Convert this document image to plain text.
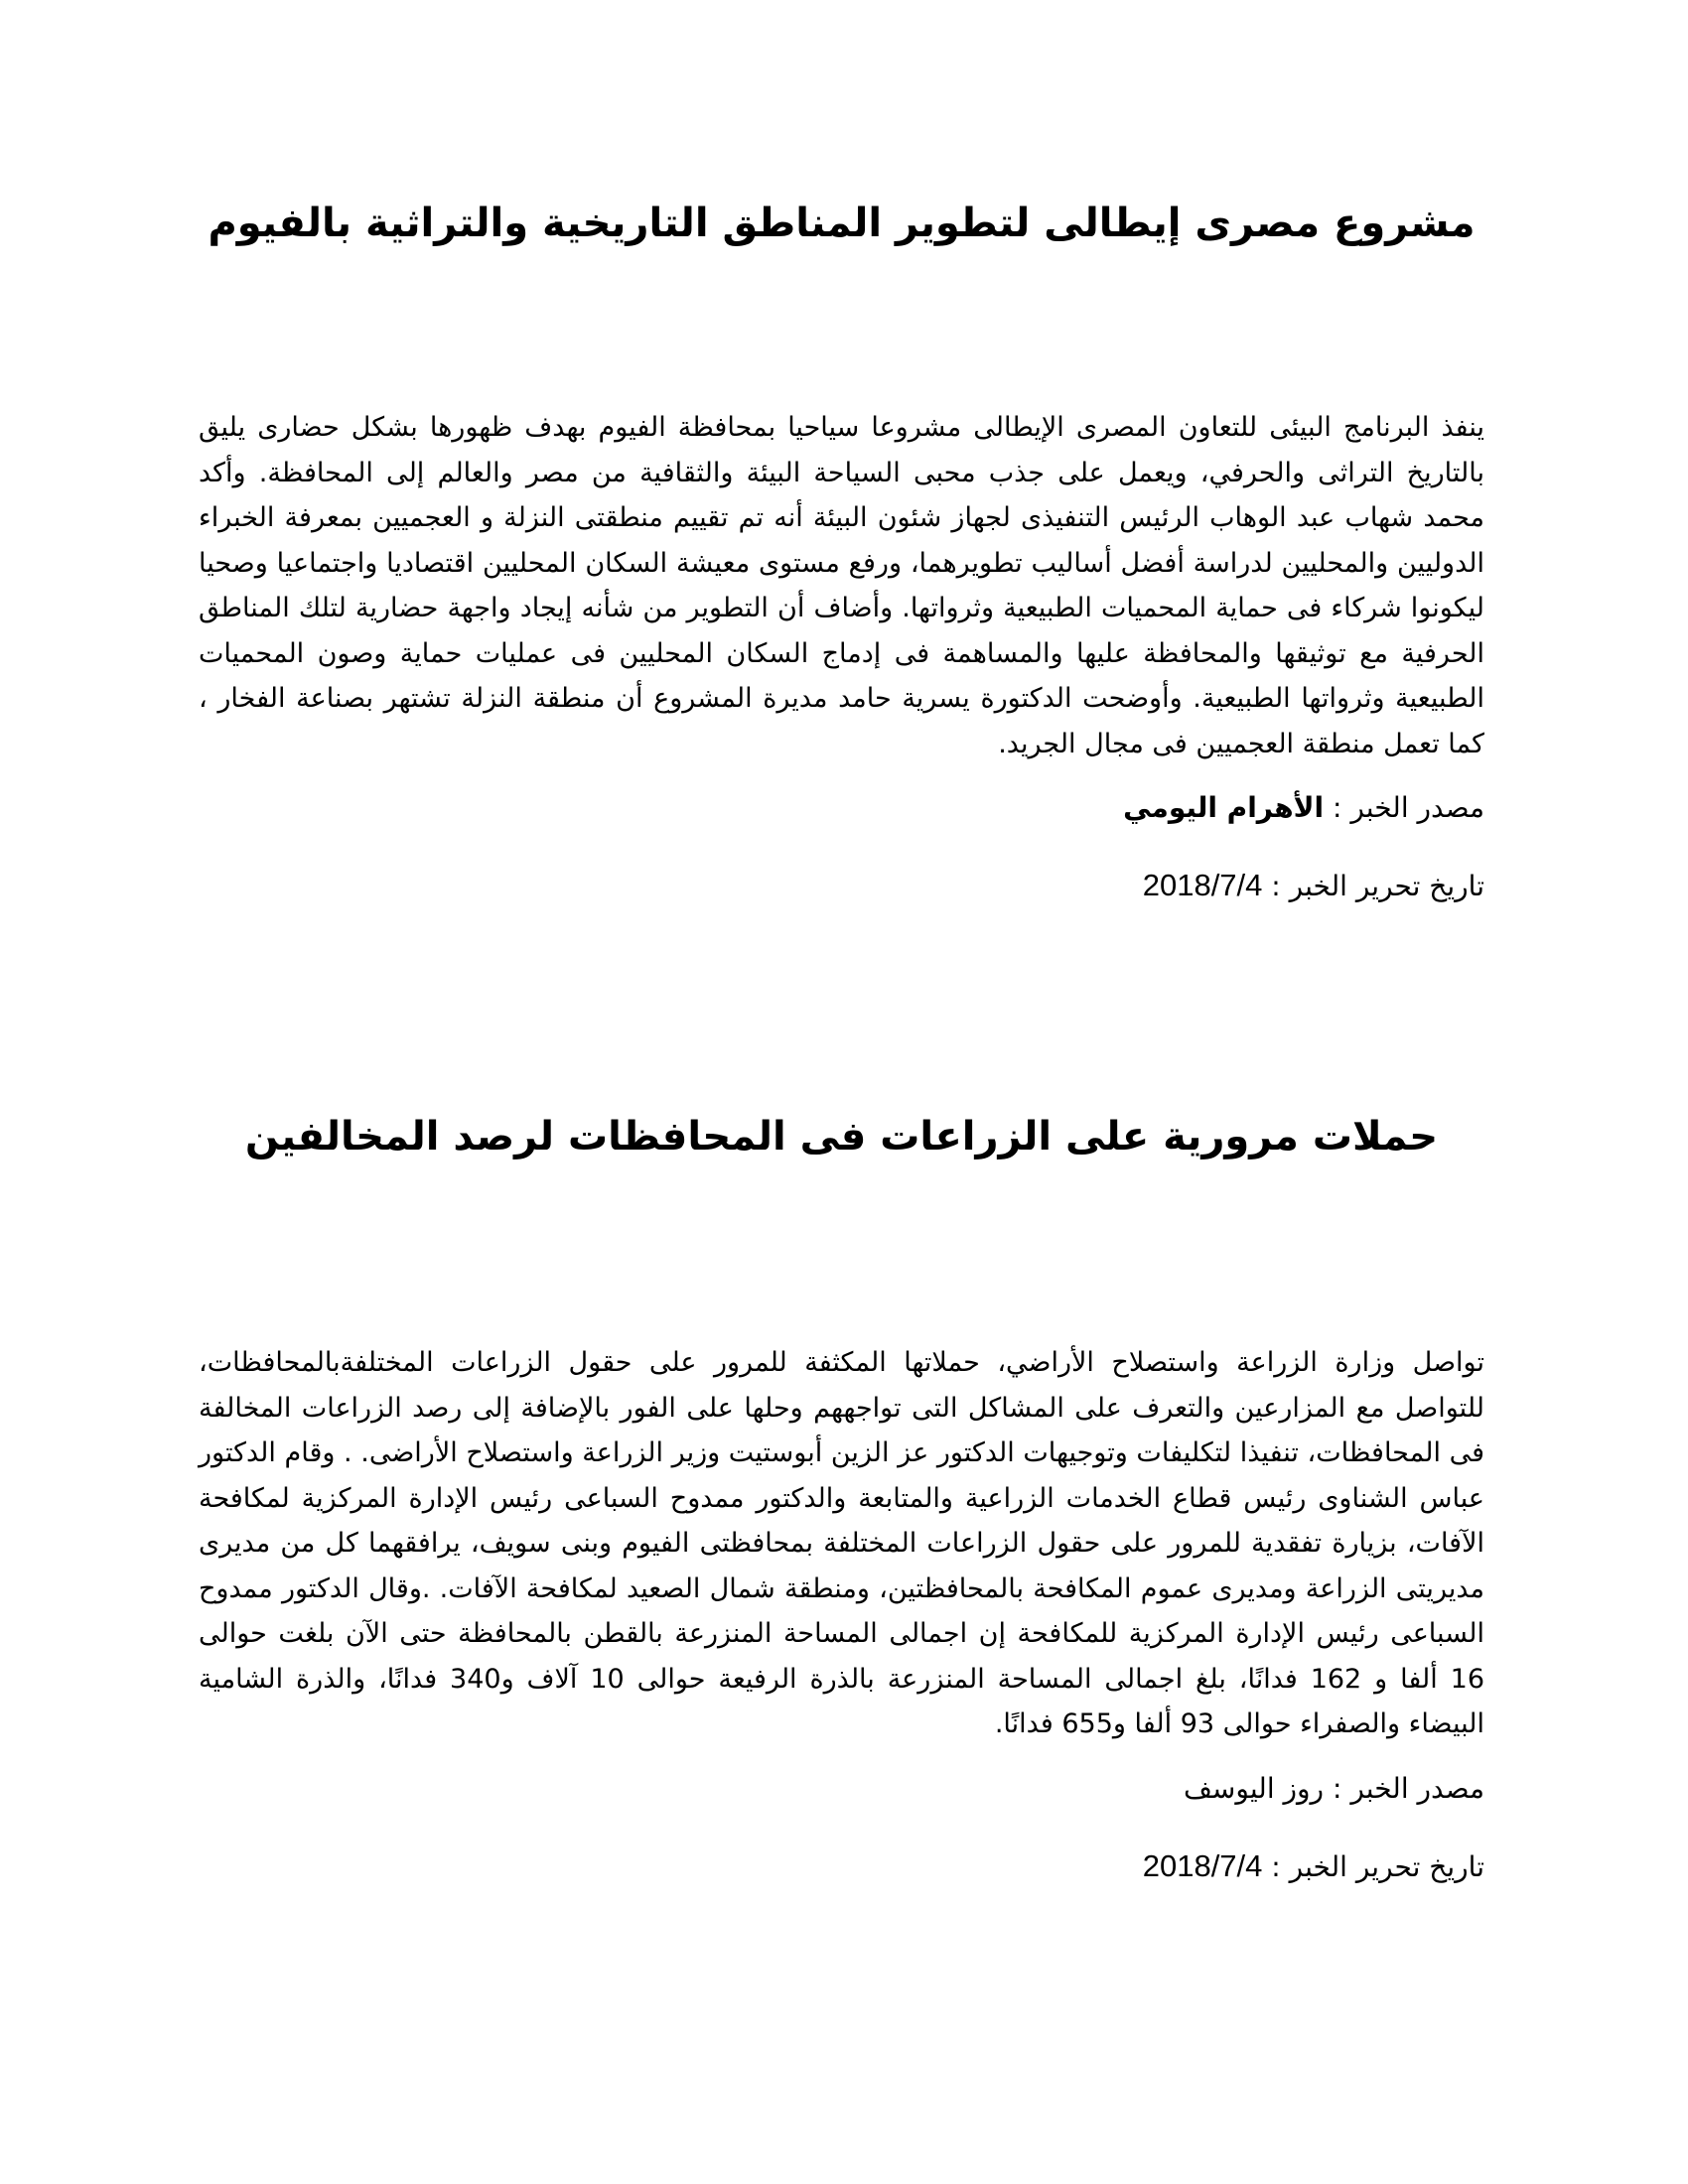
مشروع مصرى إيطالى لتطوير المناطق التاريخية والتراثية بالفيوم

ينفذ البرنامج البيئى للتعاون المصرى الإيطالى مشروعا سياحيا بمحافظة الفيوم بهدف ظهورها بشكل حضارى يليق بالتاريخ التراثى والحرفي، ويعمل على جذب محبى السياحة البيئة والثقافية من مصر والعالم إلى المحافظة. وأكد محمد شهاب عبد الوهاب الرئيس التنفيذى لجهاز شئون البيئة أنه تم تقييم منطقتى النزلة و العجميين بمعرفة الخبراء الدوليين والمحليين لدراسة أفضل أساليب تطويرهما، ورفع مستوى معيشة السكان المحليين اقتصاديا واجتماعيا وصحيا ليكونوا شركاء فى حماية المحميات الطبيعية وثرواتها. وأضاف أن التطوير من شأنه إيجاد واجهة حضارية لتلك المناطق الحرفية مع توثيقها والمحافظة عليها والمساهمة فى إدماج السكان المحليين فى عمليات حماية وصون المحميات الطبيعية وثرواتها الطبيعية. وأوضحت الدكتورة يسرية حامد مديرة المشروع أن منطقة النزلة تشتهر بصناعة الفخار ، كما تعمل منطقة العجميين فى مجال الجريد.

مصدر الخبر : الأهرام اليومي
تاريخ تحرير الخبر : 2018/7/4
حملات مرورية على الزراعات فى المحافظات لرصد المخالفين

تواصل وزارة الزراعة واستصلاح الأراضي، حملاتها المكثفة للمرور على حقول الزراعات المختلفةبالمحافظات، للتواصل مع المزارعين والتعرف على المشاكل التى تواجههم وحلها على الفور بالإضافة إلى رصد الزراعات المخالفة فى المحافظات، تنفيذا لتكليفات وتوجيهات الدكتور عز الزين أبوستيت وزير الزراعة واستصلاح الأراضى. . وقام الدكتور عباس الشناوى رئيس قطاع الخدمات الزراعية والمتابعة والدكتور ممدوح السباعى رئيس الإدارة المركزية لمكافحة الآفات، بزيارة تفقدية للمرور على حقول الزراعات المختلفة بمحافظتى الفيوم وبنى سويف، يرافقهما كل من مديرى مديريتى الزراعة ومديرى عموم المكافحة بالمحافظتين، ومنطقة شمال الصعيد لمكافحة الآفات. .وقال الدكتور ممدوح السباعى رئيس الإدارة المركزية للمكافحة إن اجمالى المساحة المنزرعة بالقطن بالمحافظة حتى الآن بلغت حوالى 16 ألفا و 162 فدانًا، بلغ اجمالى المساحة المنزرعة بالذرة الرفيعة حوالى 10 آلاف و340 فدانًا، والذرة الشامية البيضاء والصفراء حوالى 93 ألفا و655 فدانًا.

مصدر الخبر : روز اليوسف
تاريخ تحرير الخبر : 2018/7/4
